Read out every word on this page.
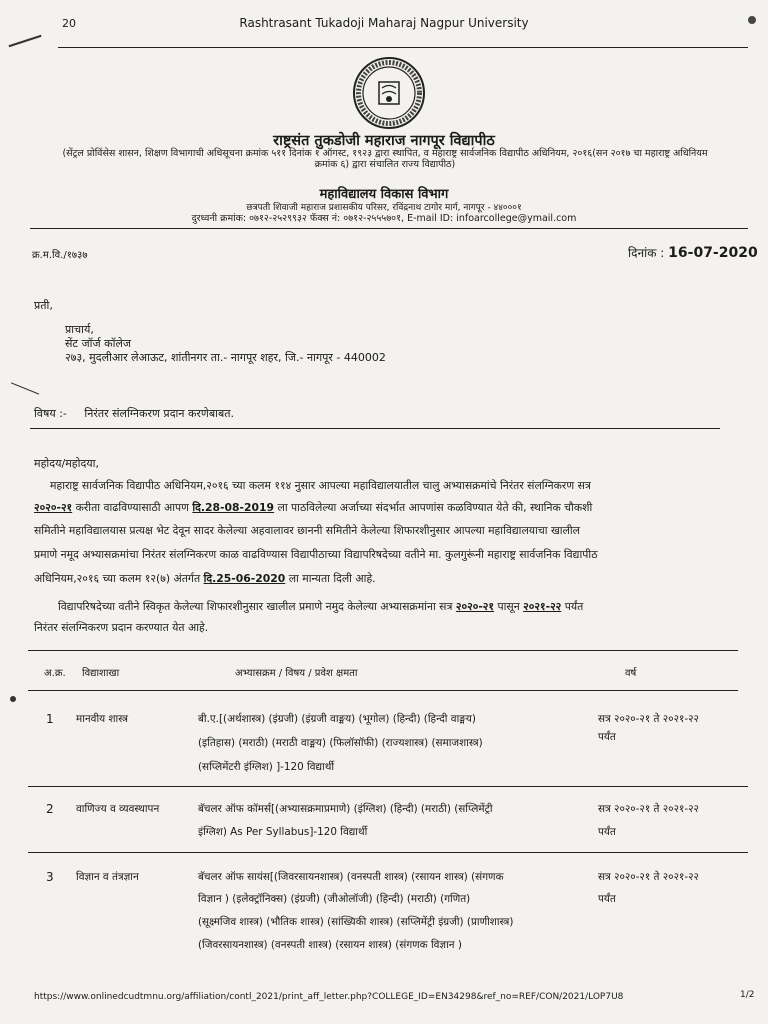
20	Rashtrasant Tukadoji Maharaj Nagpur University
राष्ट्रसंत तुकडोजी महाराज नागपूर विद्यापीठ
(सेंट्रल प्रोविंसेस शासन, शिक्षण विभागाची अधिसूचना क्रमांक ५११ दिनांक १ ऑगस्ट, १९२३ द्वारा स्थापित, व महाराष्ट्र सार्वजनिक विद्यापीठ अधिनियम, २०१६(सन २०१७ चा महाराष्ट्र अधिनियम क्रमांक ६) द्वारा संचालित राज्य विद्यापीठ)
महाविद्यालय विकास विभाग
छत्रपती शिवाजी महाराज प्रशासकीय परिसर, रविंद्रनाथ टागोर मार्ग, नागपूर - ४४०००१
दुरध्वनी क्रमांक: ०७१२-२५२९९३२ फॅक्स नं: ०७१२-२५५५७०१, E-mail ID: infoarcollege@ymail.com
क्र.म.वि./१७३७	दिनांक : 16-07-2020
प्रती,
प्राचार्य,
सेंट जॉर्ज कॉलेज
२७३, मुदलीआर लेआऊट, शांतीनगर ता.- नागपूर शहर, जि.- नागपूर - 440002
विषय :- निरंतर संलग्निकरण प्रदान करणेबाबत.
महोदय/महोदया,
महाराष्ट्र सार्वजनिक विद्यापीठ अधिनियम,२०१६ च्या कलम ११४ नुसार आपल्या महाविद्यालयातील चालु अभ्यासक्रमांचे निरंतर संलग्निकरण सत्र
२०२०-२१ करीता वाढविण्यासाठी आपण दि.28-08-2019 ला पाठविलेल्या अर्जाच्या संदर्भात आपणांस कळविण्यात येते की, स्थानिक चौकशी
समितीने महाविद्यालयास प्रत्यक्ष भेट देवून सादर केलेल्या अहवालावर छाननी समितीने केलेल्या शिफारशीनुसार आपल्या महाविद्यालयाचा खालील
प्रमाणे नमूद अभ्यासक्रमांचा निरंतर संलग्निकरण काळ वाढविण्यास विद्यापीठाच्या विद्यापरिषदेच्या वतीने मा. कुलगुरूंनी महाराष्ट्र सार्वजनिक विद्यापीठ
अधिनियम,२०१६ च्या कलम १२(७) अंतर्गत दि.25-06-2020 ला मान्यता दिली आहे.
विद्यापरिषदेच्या वतीने स्विकृत केलेल्या शिफारशीनुसार खालील प्रमाणे नमुद केलेल्या अभ्यासक्रमांना सत्र २०२०-२१ पासून २०२१-२२ पर्यंत
निरंतर संलग्निकरण प्रदान करण्यात येत आहे.
अ.क्र. विद्याशाखा	अभ्यासक्रम / विषय / प्रवेश क्षमता	वर्ष
1 मानवीय शास्त्र	बी.ए.[(अर्थशास्त्र) (इंग्रजी) (इंग्रजी वाङ्मय) (भूगोल) (हिन्दी) (हिन्दी वाङ्मय)
(इतिहास) (मराठी) (मराठी वाङ्मय) (फिलॉसॉफी) (राज्यशास्त्र) (समाजशास्त्र)
(सप्लिमेंटरी इंग्लिश) ]-120 विद्यार्थी
सत्र २०२०-२१ ते २०२१-२२
पर्यंत
2 वाणिज्य व व्यवस्थापन	बॅचलर ऑफ कॉमर्स[(अभ्यासक्रमाप्रमाणे) (इंग्लिश) (हिन्दी) (मराठी) (सप्लिमेंट्री
इंग्लिश) As Per Syllabus]-120 विद्यार्थी
सत्र २०२०-२१ ते २०२१-२२
पर्यंत
3 विज्ञान व तंत्रज्ञान	बॅचलर ऑफ सायंस[(जिवरसायनशास्त्र) (वनस्पती शास्त्र) (रसायन शास्त्र) (संगणक
विज्ञान ) (इलेक्ट्रॉनिक्स) (इंग्रजी) (जीओलॉजी) (हिन्दी) (मराठी) (गणित)
(सूक्ष्मजिव शास्त्र) (भौतिक शास्त्र) (सांख्यिकी शास्त्र) (सप्लिमेंट्री इंग्रजी) (प्राणीशास्त्र)
(जिवरसायनशास्त्र) (वनस्पती शास्त्र) (रसायन शास्त्र) (संगणक विज्ञान )
सत्र २०२०-२१ ते २०२१-२२
पर्यंत
https://www.onlinedcudtmnu.org/affiliation/contl_2021/print_aff_letter.php?COLLEGE_ID=EN34298&ref_no=REF/CON/2021/LOP7U8	1/2
